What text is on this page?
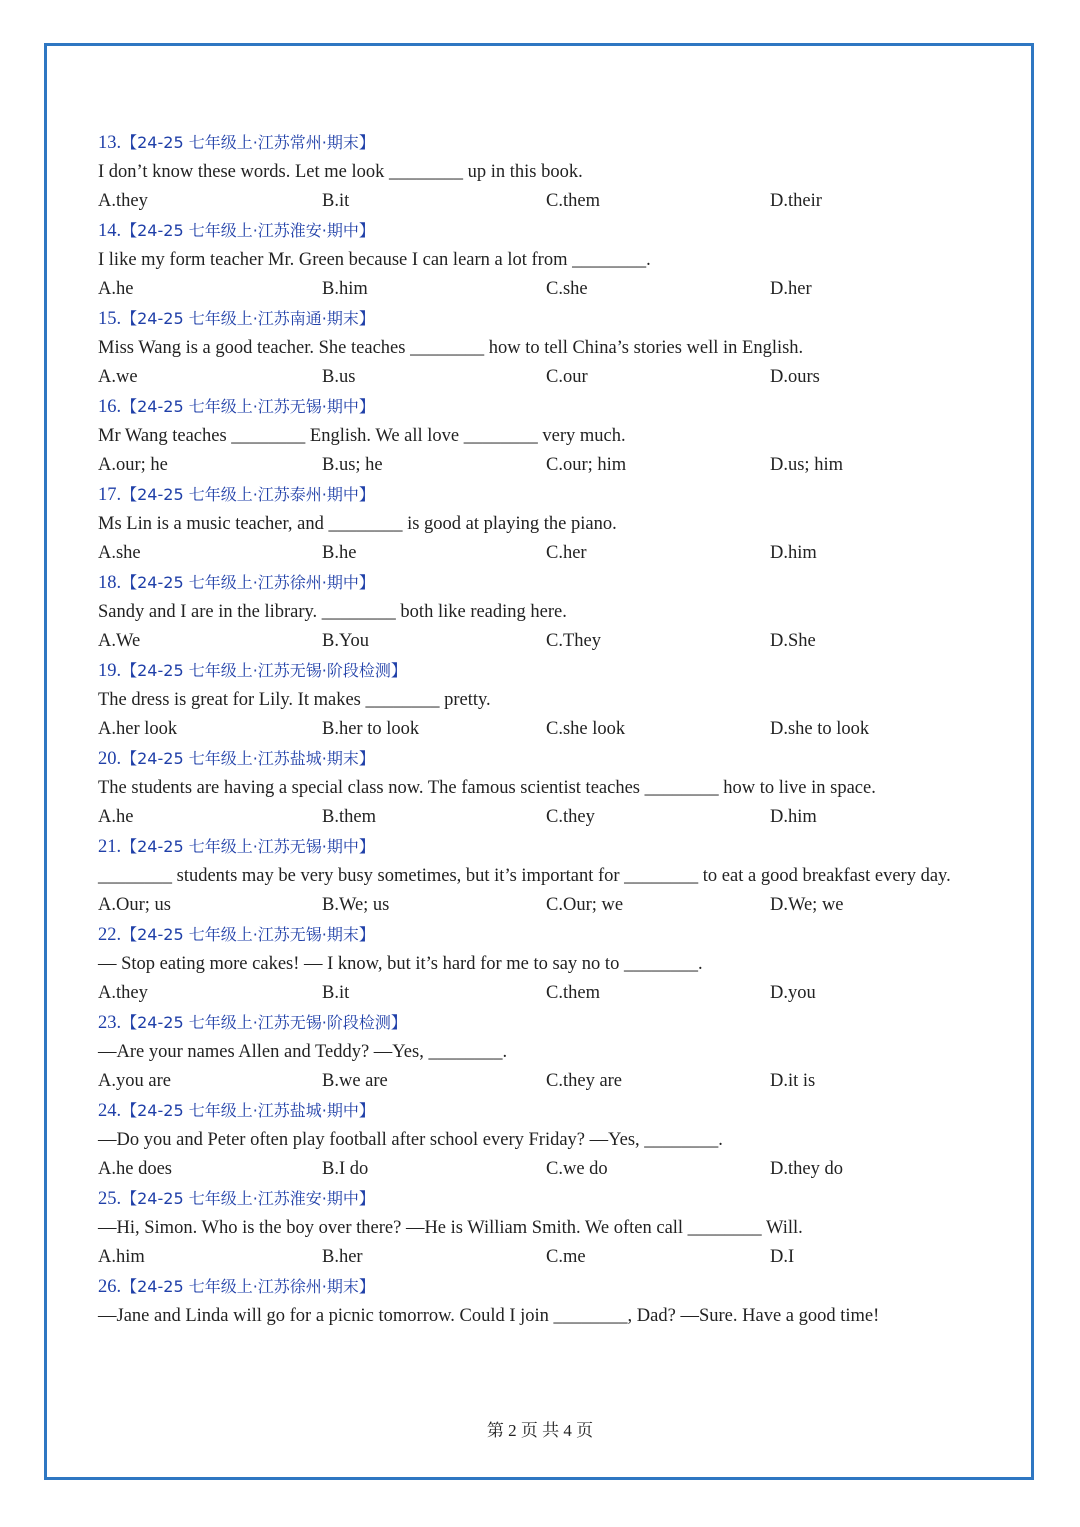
13.【24-25 七年级上·江苏常州·期末】
I don’t know these words. Let me look ________ up in this book.
A.they	B.it	C.them	D.their
14.【24-25 七年级上·江苏淮安·期中】
I like my form teacher Mr. Green because I can learn a lot from ________.
A.he	B.him	C.she	D.her
15.【24-25 七年级上·江苏南通·期末】
Miss Wang is a good teacher. She teaches ________ how to tell China’s stories well in English.
A.we	B.us	C.our	D.ours
16.【24-25 七年级上·江苏无锡·期中】
Mr Wang teaches ________ English. We all love ________ very much.
A.our; he	B.us; he	C.our; him	D.us; him
17.【24-25 七年级上·江苏泰州·期中】
Ms Lin is a music teacher, and ________ is good at playing the piano.
A.she	B.he	C.her	D.him
18.【24-25 七年级上·江苏徐州·期中】
Sandy and I are in the library. ________ both like reading here.
A.We	B.You	C.They	D.She
19.【24-25 七年级上·江苏无锡·阶段检测】
The dress is great for Lily. It makes ________ pretty.
A.her look	B.her to look	C.she look	D.she to look
20.【24-25 七年级上·江苏盐城·期末】
The students are having a special class now. The famous scientist teaches ________ how to live in space.
A.he	B.them	C.they	D.him
21.【24-25 七年级上·江苏无锡·期中】
________ students may be very busy sometimes, but it’s important for ________ to eat a good breakfast every day.
A.Our; us	B.We; us	C.Our; we	D.We; we
22.【24-25 七年级上·江苏无锡·期末】
— Stop eating more cakes! — I know, but it’s hard for me to say no to ________.
A.they	B.it	C.them	D.you
23.【24-25 七年级上·江苏无锡·阶段检测】
—Are your names Allen and Teddy? —Yes, ________.
A.you are	B.we are	C.they are	D.it is
24.【24-25 七年级上·江苏盐城·期中】
—Do you and Peter often play football after school every Friday? —Yes, ________.
A.he does	B.I do	C.we do	D.they do
25.【24-25 七年级上·江苏淮安·期中】
—Hi, Simon. Who is the boy over there? —He is William Smith. We often call ________ Will.
A.him	B.her	C.me	D.I
26.【24-25 七年级上·江苏徐州·期末】
—Jane and Linda will go for a picnic tomorrow. Could I join ________, Dad? —Sure. Have a good time!
第 2 页 共 4 页
